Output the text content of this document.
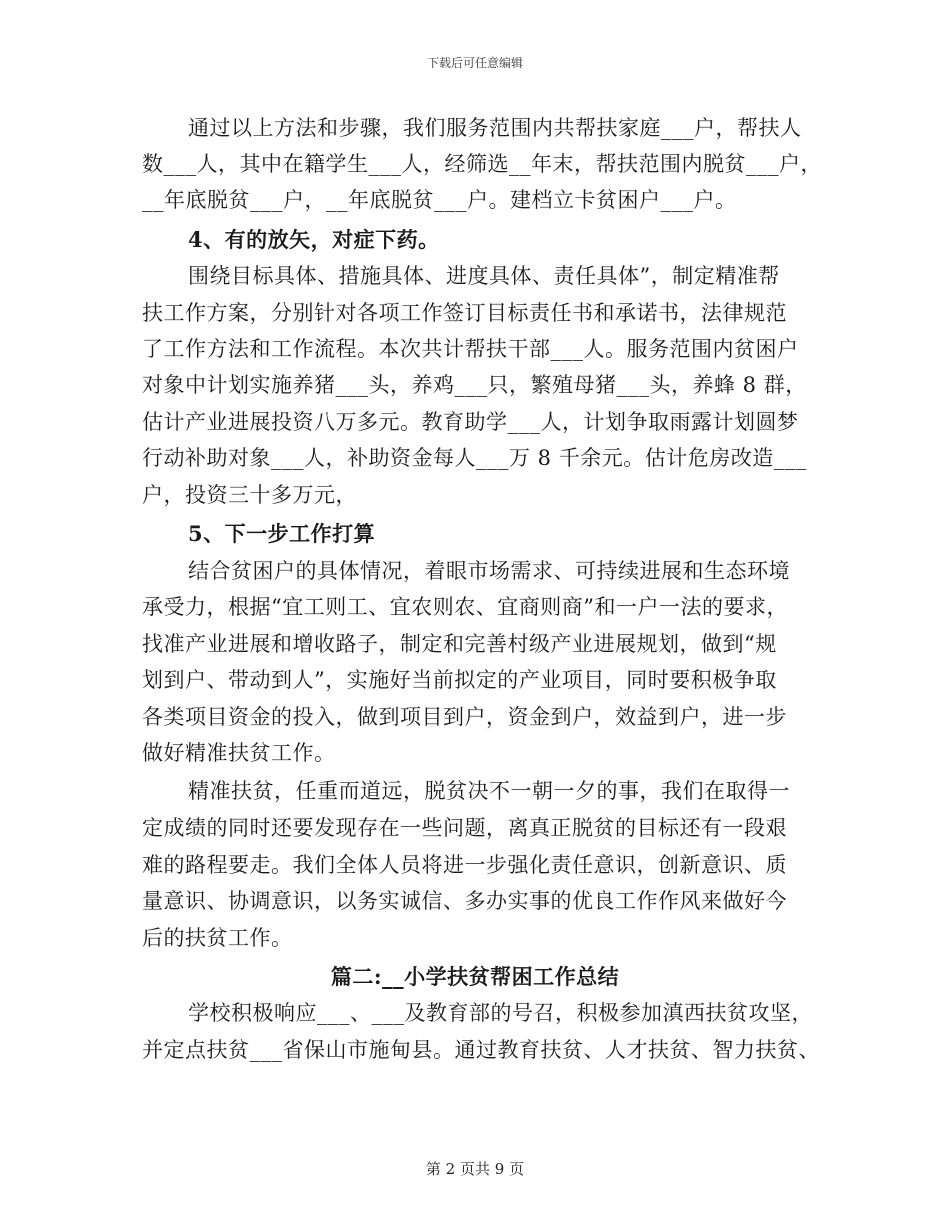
下载后可任意编辑

通过以上方法和步骤，我们服务范围内共帮扶家庭___户，帮扶人

数___人，其中在籍学生___人，经筛选__年末，帮扶范围内脱贫___户，

__年底脱贫___户，__年底脱贫___户。建档立卡贫困户___户。

4、有的放矢，对症下药。

围绕目标具体、措施具体、进度具体、责任具体”，制定精准帮

扶工作方案，分别针对各项工作签订目标责任书和承诺书，法律规范

了工作方法和工作流程。本次共计帮扶干部___人。服务范围内贫困户

对象中计划实施养猪___头，养鸡___只，繁殖母猪___头，养蜂 8 群，

估计产业进展投资八万多元。教育助学___人，计划争取雨露计划圆梦

行动补助对象___人，补助资金每人___万 8 千余元。估计危房改造___

户，投资三十多万元，

5、下一步工作打算

结合贫困户的具体情况，着眼市场需求、可持续进展和生态环境

承受力，根据“宜工则工、宜农则农、宜商则商”和一户一法的要求，

找准产业进展和增收路子，制定和完善村级产业进展规划，做到“规

划到户、带动到人”，实施好当前拟定的产业项目，同时要积极争取

各类项目资金的投入，做到项目到户，资金到户，效益到户，进一步

做好精准扶贫工作。

精准扶贫，任重而道远，脱贫决不一朝一夕的事，我们在取得一

定成绩的同时还要发现存在一些问题，离真正脱贫的目标还有一段艰

难的路程要走。我们全体人员将进一步强化责任意识，创新意识、质

量意识、协调意识，以务实诚信、多办实事的优良工作作风来做好今

后的扶贫工作。

篇二:__小学扶贫帮困工作总结

学校积极响应___、___及教育部的号召，积极参加滇西扶贫攻坚，

并定点扶贫___省保山市施甸县。通过教育扶贫、人才扶贫、智力扶贫、

第 2 页共 9 页
